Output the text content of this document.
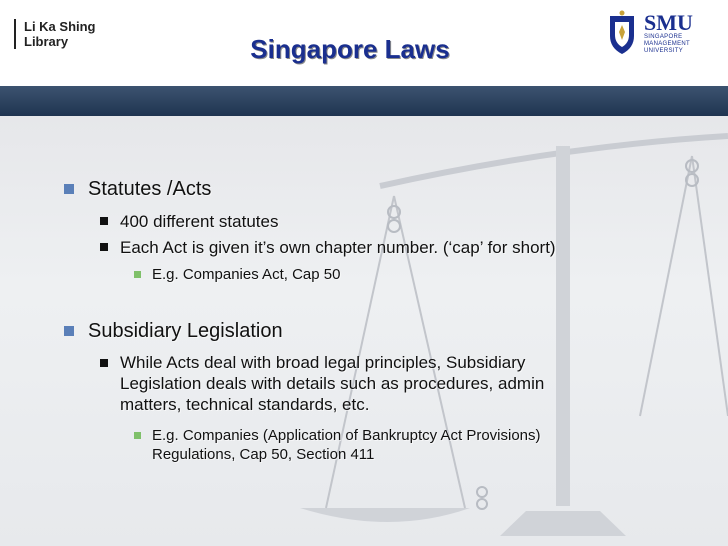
Li Ka Shing
Library	Singapore Laws
SMU
SINGAPORE MANAGEMENT
UNIVERSITY
Statutes /Acts
400 different statutes
Each Act is given it’s own chapter number. (‘cap’ for short)
E.g. Companies Act, Cap 50
Subsidiary Legislation
While Acts deal with broad legal principles, Subsidiary
Legislation deals with details such as procedures, admin
matters, technical standards, etc.
E.g. Companies (Application of Bankruptcy Act Provisions)
Regulations, Cap 50, Section 411
